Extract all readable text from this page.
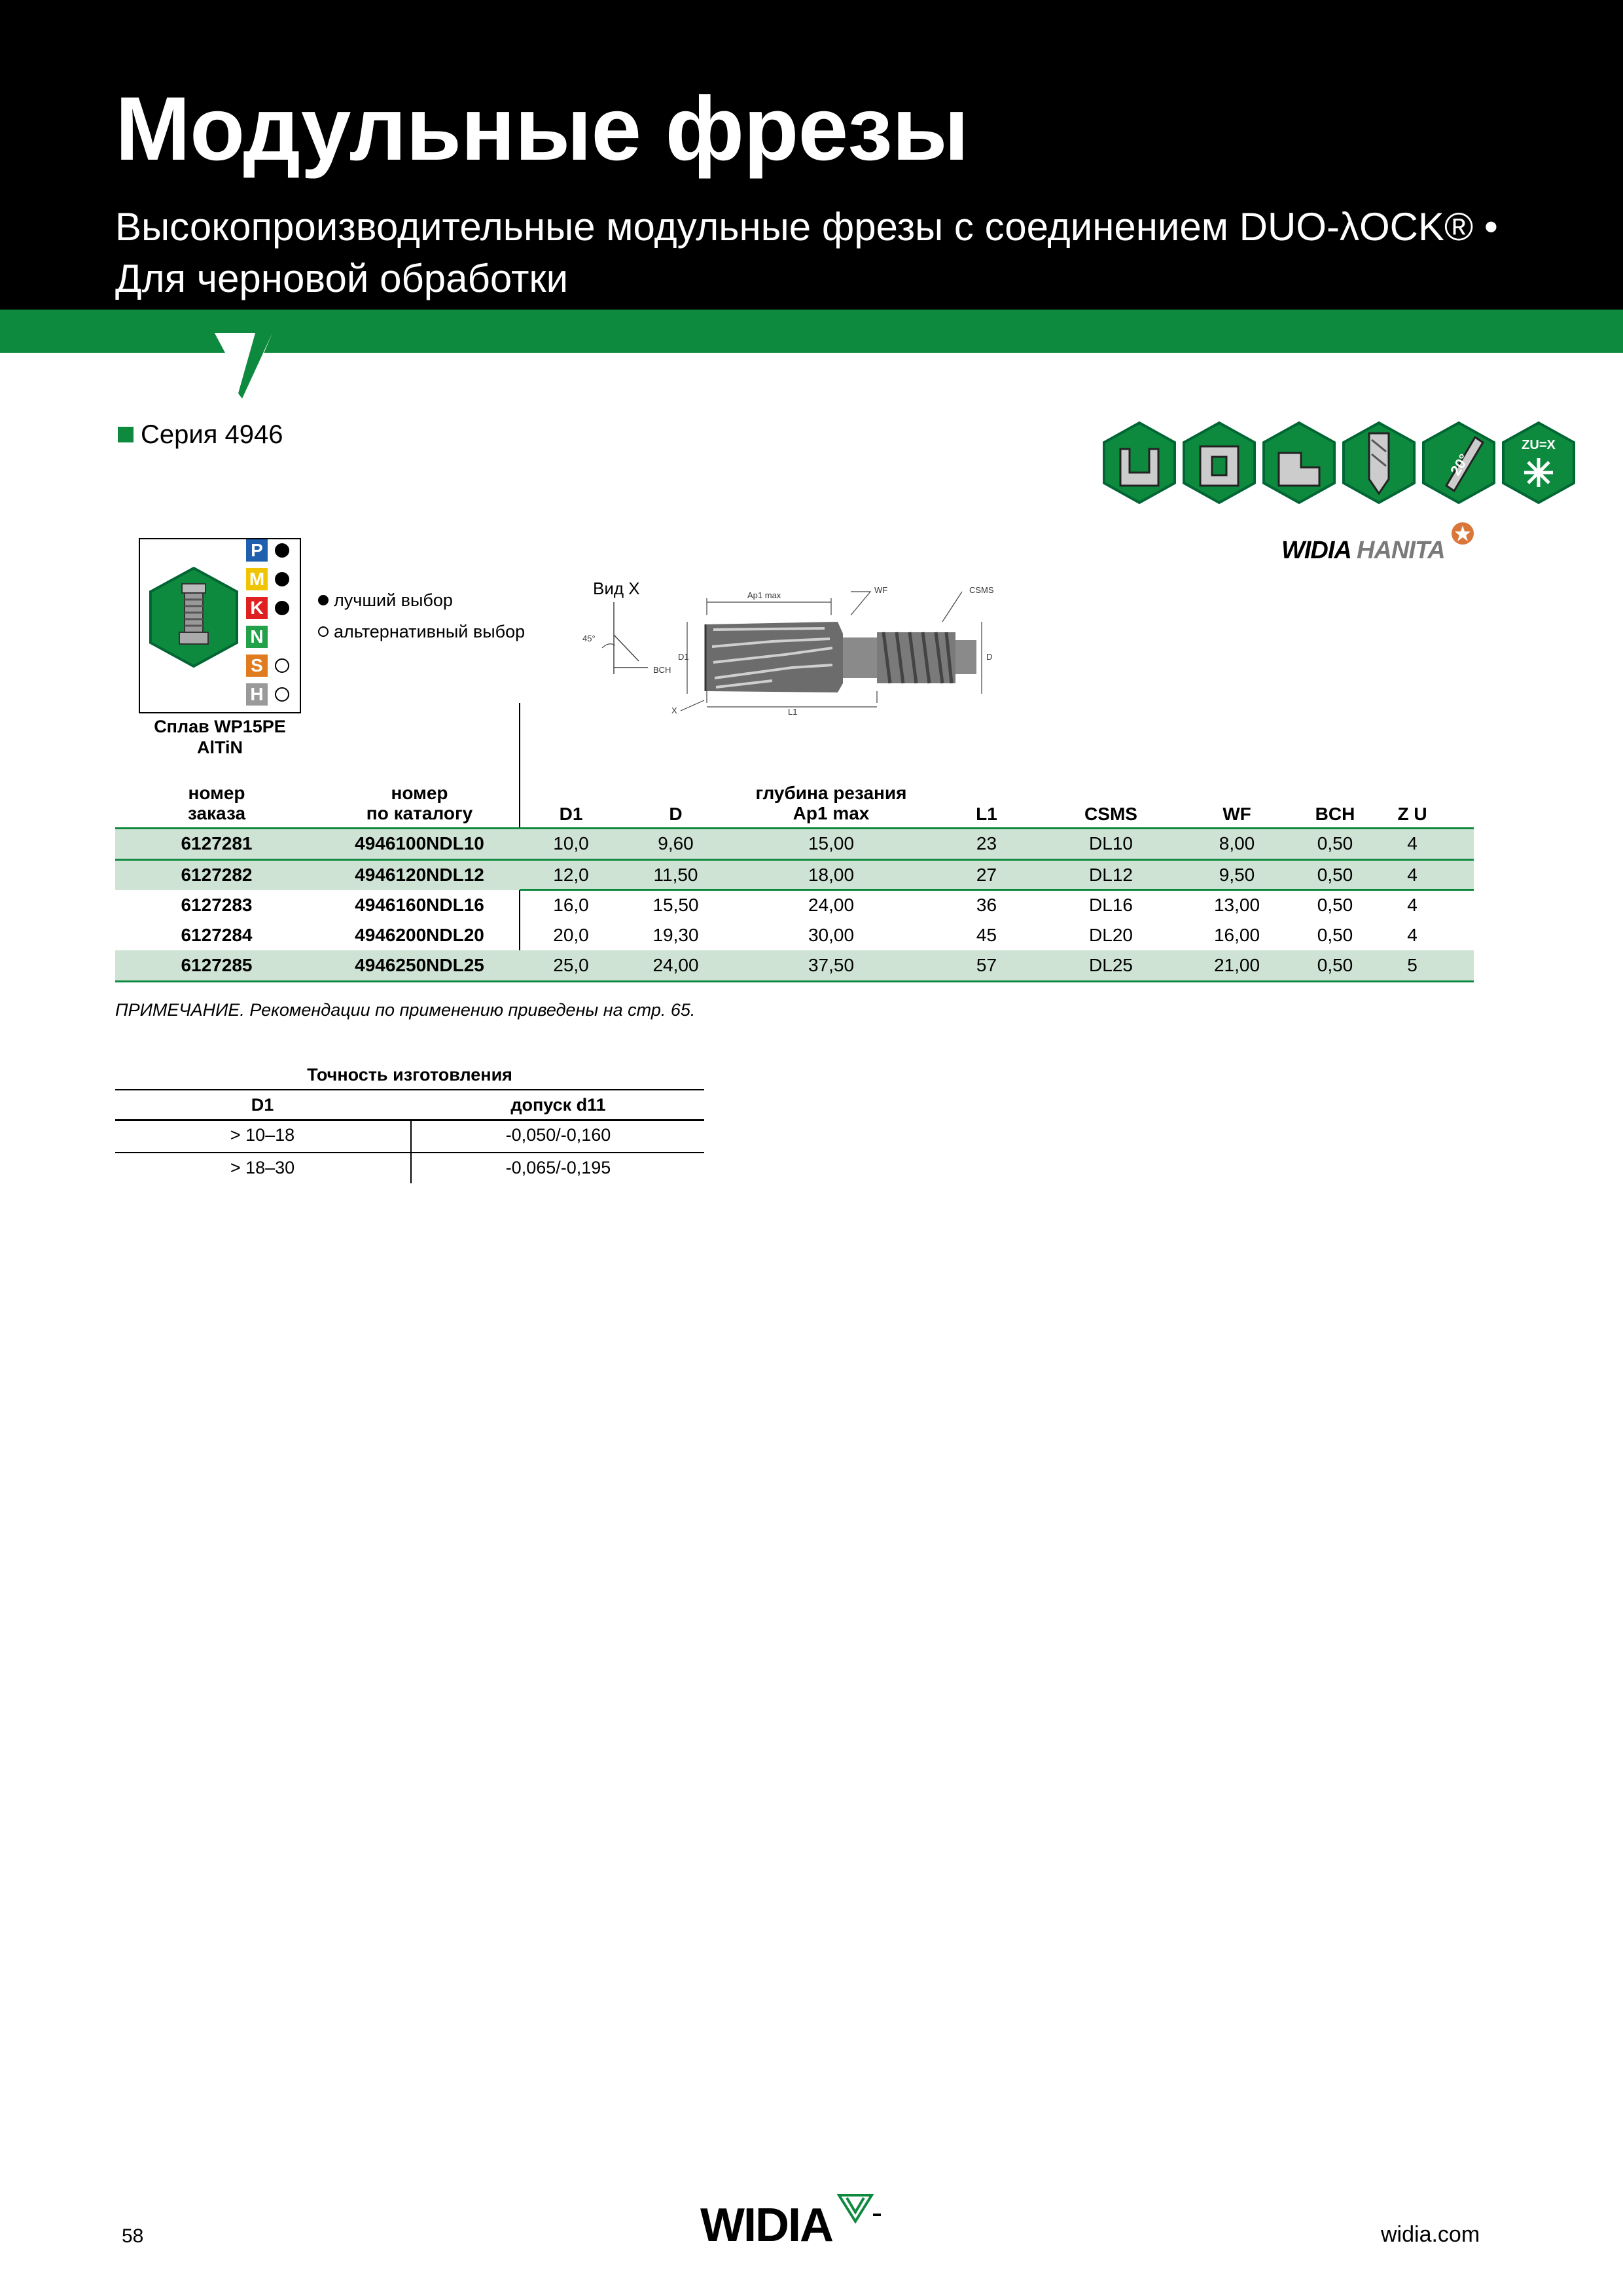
Модульные фрезы
Высокопроизводительные модульные фрезы с соединением DUO-λOCK® •
Для черновой обработки
Серия 4946
20°
ZU=X
WIDIA HANITA
P
M
K
N
S
H
лучший выбор
альтернативный выбор
Сплав WP15PE
AlTiN
Вид X
45°
BCH
X
D1	D
Ap1 max
WF	CSMS
L1
номер
заказа
номер
по каталогу	D1	D
глубина резания
Ap1 max	L1	CSMS	WF	BCH	Z U
6127281	4946100NDL10	10,0	9,60	15,00	23	DL10	8,00	0,50	4
6127282	4946120NDL12	12,0	11,50	18,00	27	DL12	9,50	0,50	4
6127283	4946160NDL16	16,0	15,50	24,00	36	DL16	13,00	0,50	4
6127284	4946200NDL20	20,0	19,30	30,00	45	DL20	16,00	0,50	4
6127285	4946250NDL25	25,0	24,00	37,50	57	DL25	21,00	0,50	5
ПРИМЕЧАНИЕ. Рекомендации по применению приведены на стр. 65.
Точность изготовления
D1	допуск d11
> 10–18	-0,050/-0,160
> 18–30	-0,065/-0,195
58	WIDIA	widia.com
